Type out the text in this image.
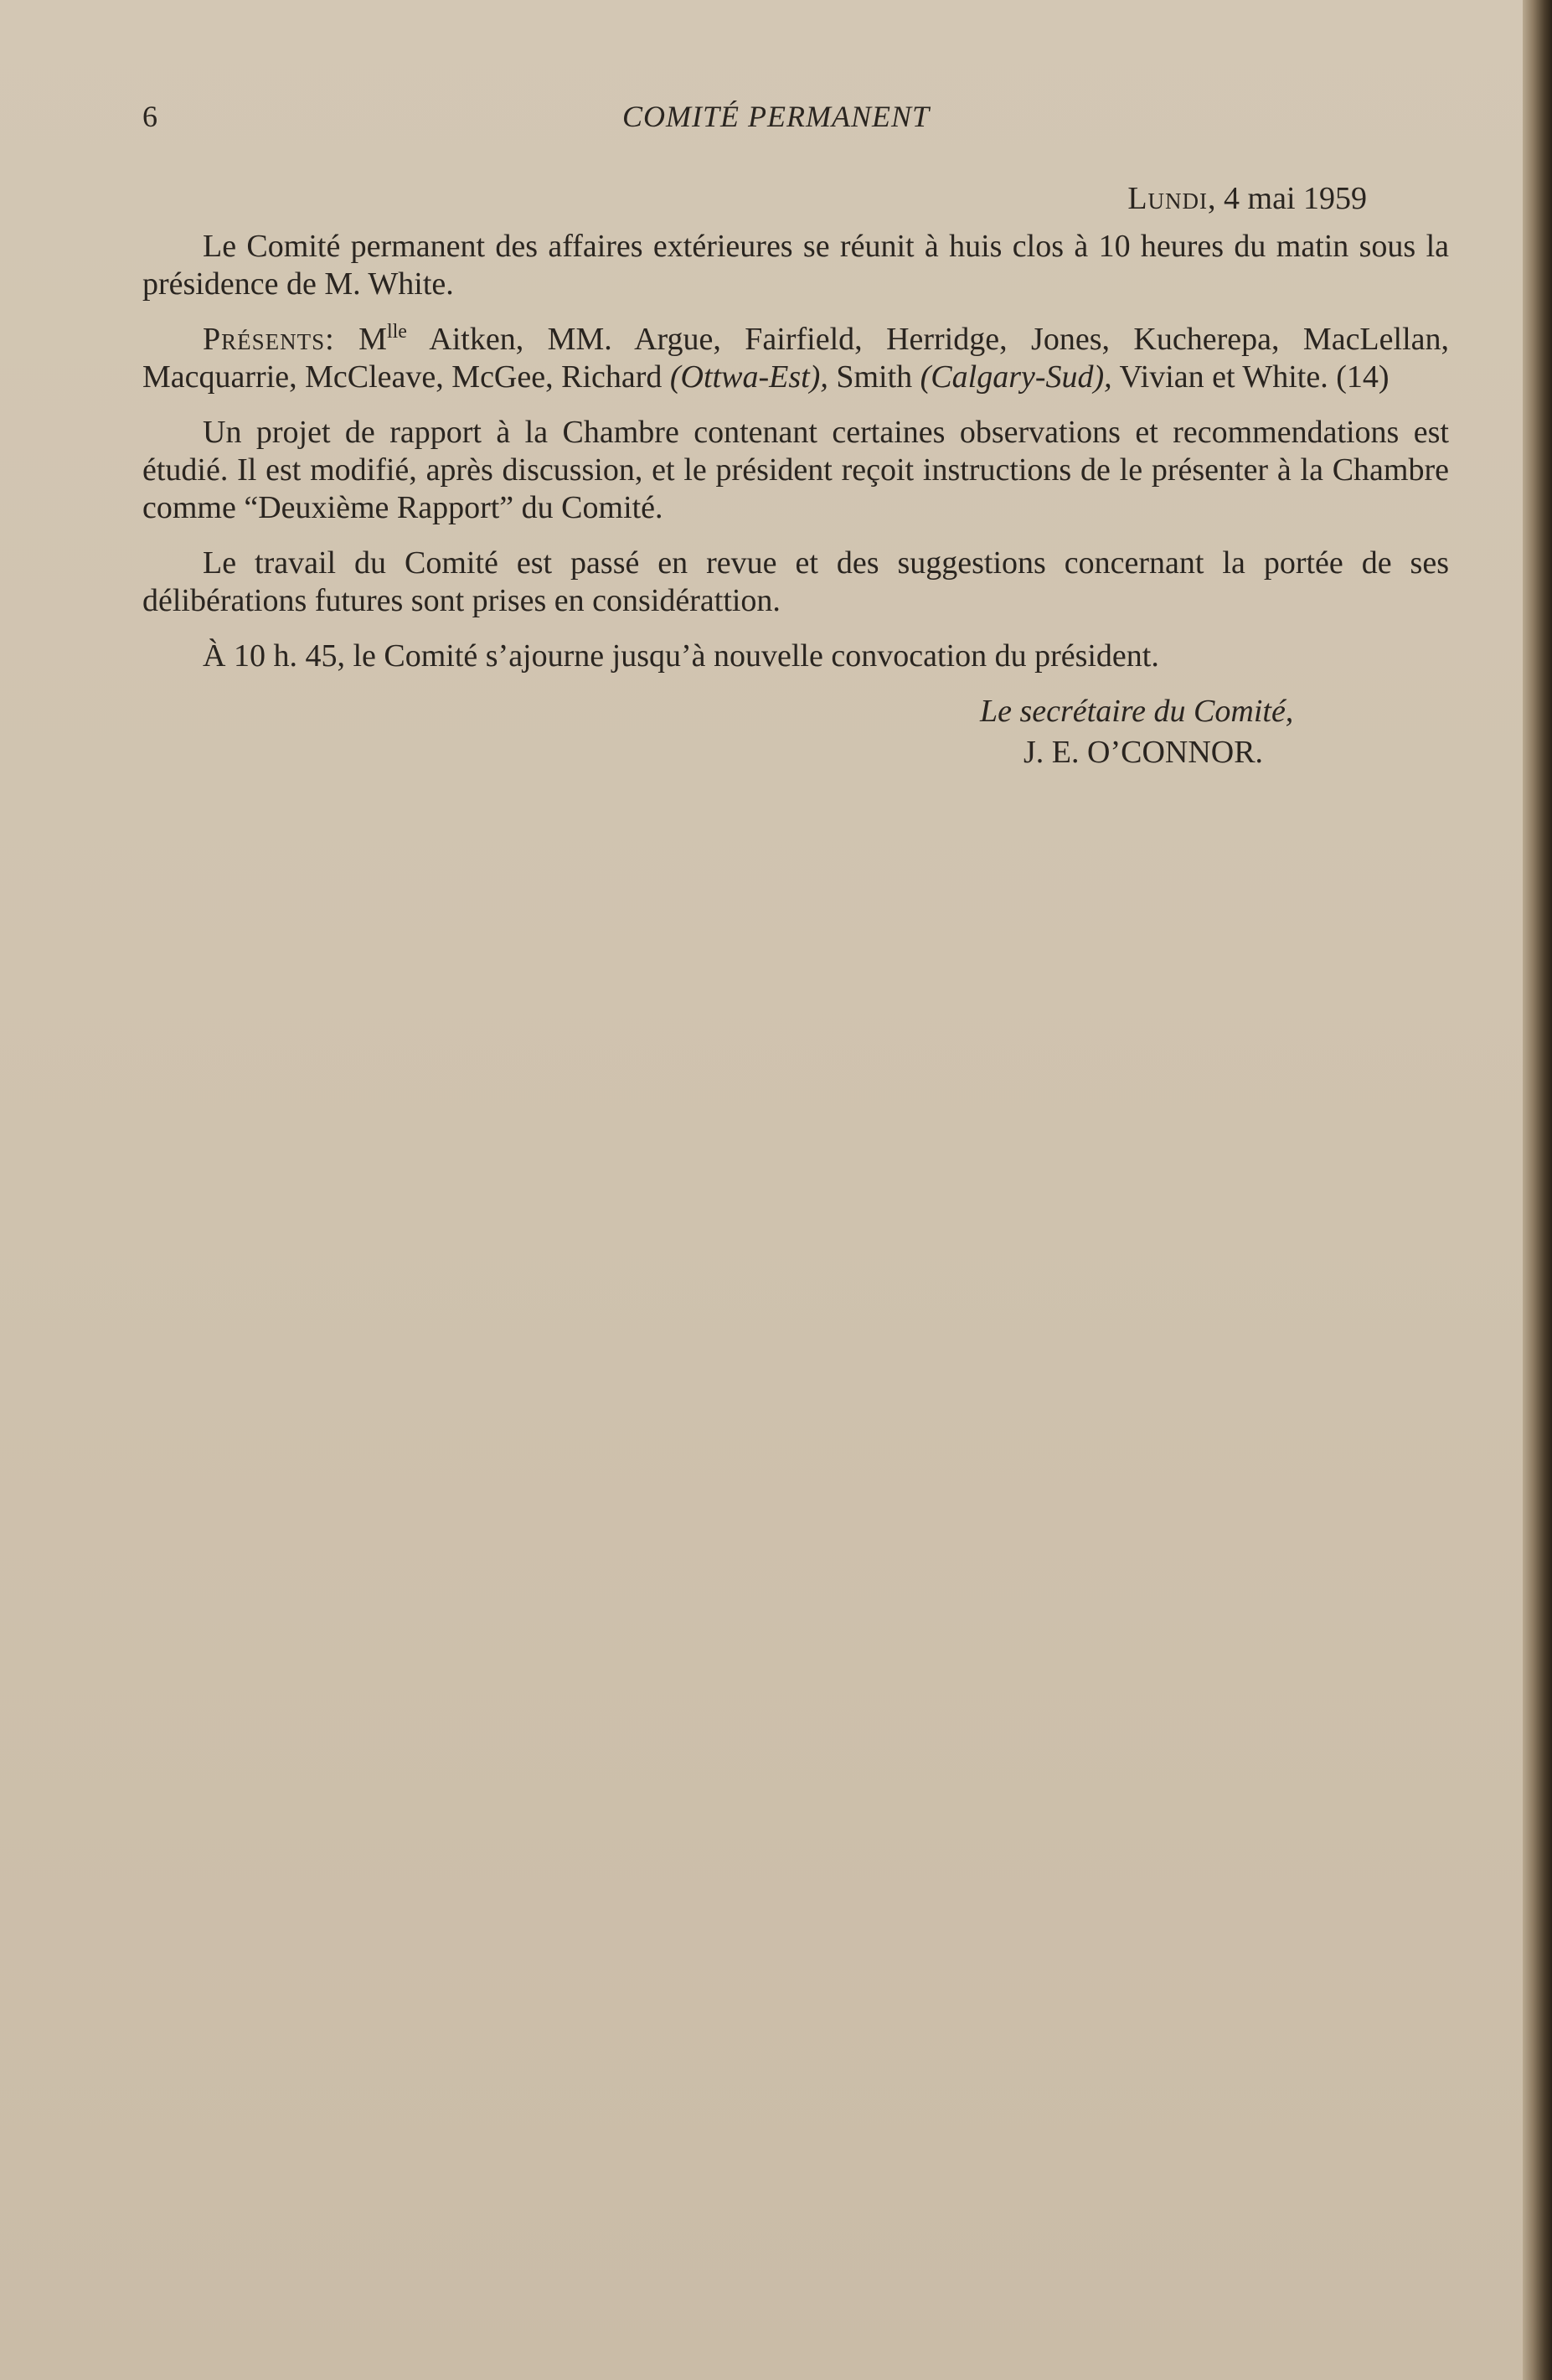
6	COMITÉ PERMANENT
Lundi, 4 mai 1959

Le Comité permanent des affaires extérieures se réunit à huis clos à 10 heures du matin sous la présidence de M. White.

Présents: $M^{lle}$ Aitken, MM. Argue, Fairfield, Herridge, Jones, Kucherepa, MacLellan, Macquarrie, McCleave, McGee, Richard (Ottwa-Est), Smith (Calgary-Sud), Vivian et White. (14)

Un projet de rapport à la Chambre contenant certaines observations et recommendations est étudié. Il est modifié, après discussion, et le président reçoit instructions de le présenter à la Chambre comme “Deuxième Rapport” du Comité.

Le travail du Comité est passé en revue et des suggestions concernant la portée de ses délibérations futures sont prises en considérattion.

À 10 h. 45, le Comité s’ajourne jusqu’à nouvelle convocation du président.

Le secrétaire du Comité,
J. E. O’CONNOR.
